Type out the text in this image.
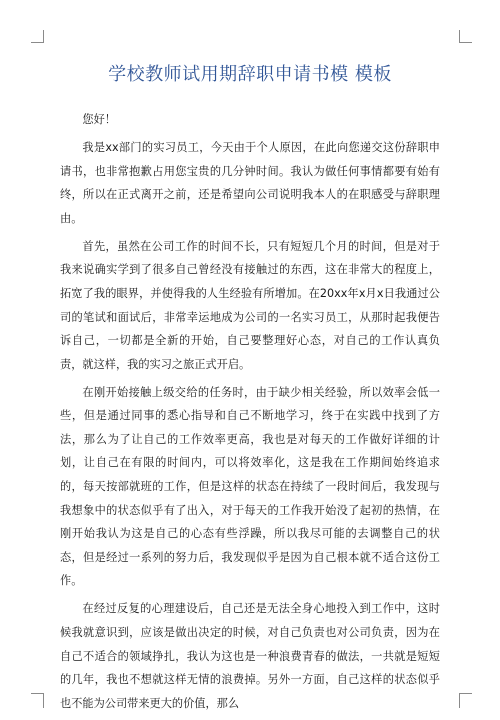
学校教师试用期辞职申请书模 模板

您好！

我是xx部门的实习员工，今天由于个人原因，在此向您递交这份辞职申请书，也非常抱歉占用您宝贵的几分钟时间。我认为做任何事情都要有始有终，所以在正式离开之前，还是希望向公司说明我本人的在职感受与辞职理由。

首先，虽然在公司工作的时间不长，只有短短几个月的时间，但是对于我来说确实学到了很多自己曾经没有接触过的东西，这在非常大的程度上，拓宽了我的眼界，并使得我的人生经验有所增加。在20xx年x月x日我通过公司的笔试和面试后，非常幸运地成为公司的一名实习员工，从那时起我便告诉自己，一切都是全新的开始，自己要整理好心态，对自己的工作认真负责，就这样，我的实习之旅正式开启。

在刚开始接触上级交给的任务时，由于缺少相关经验，所以效率会低一些，但是通过同事的悉心指导和自己不断地学习，终于在实践中找到了方法，那么为了让自己的工作效率更高，我也是对每天的工作做好详细的计划，让自己在有限的时间内，可以将效率化，这是我在工作期间始终追求的，每天按部就班的工作，但是这样的状态在持续了一段时间后，我发现与我想象中的状态似乎有了出入，对于每天的工作我开始没了起初的热情，在刚开始我认为这是自己的心态有些浮躁，所以我尽可能的去调整自己的状态，但是经过一系列的努力后，我发现似乎是因为自己根本就不适合这份工作。

在经过反复的心理建设后，自己还是无法全身心地投入到工作中，这时候我就意识到，应该是做出决定的时候，对自己负责也对公司负责，因为在自己不适合的领域挣扎，我认为这也是一种浪费青春的做法，一共就是短短的几年，我也不想就这样无情的浪费掉。另外一方面，自己这样的状态似乎也不能为公司带来更大的价值，那么
